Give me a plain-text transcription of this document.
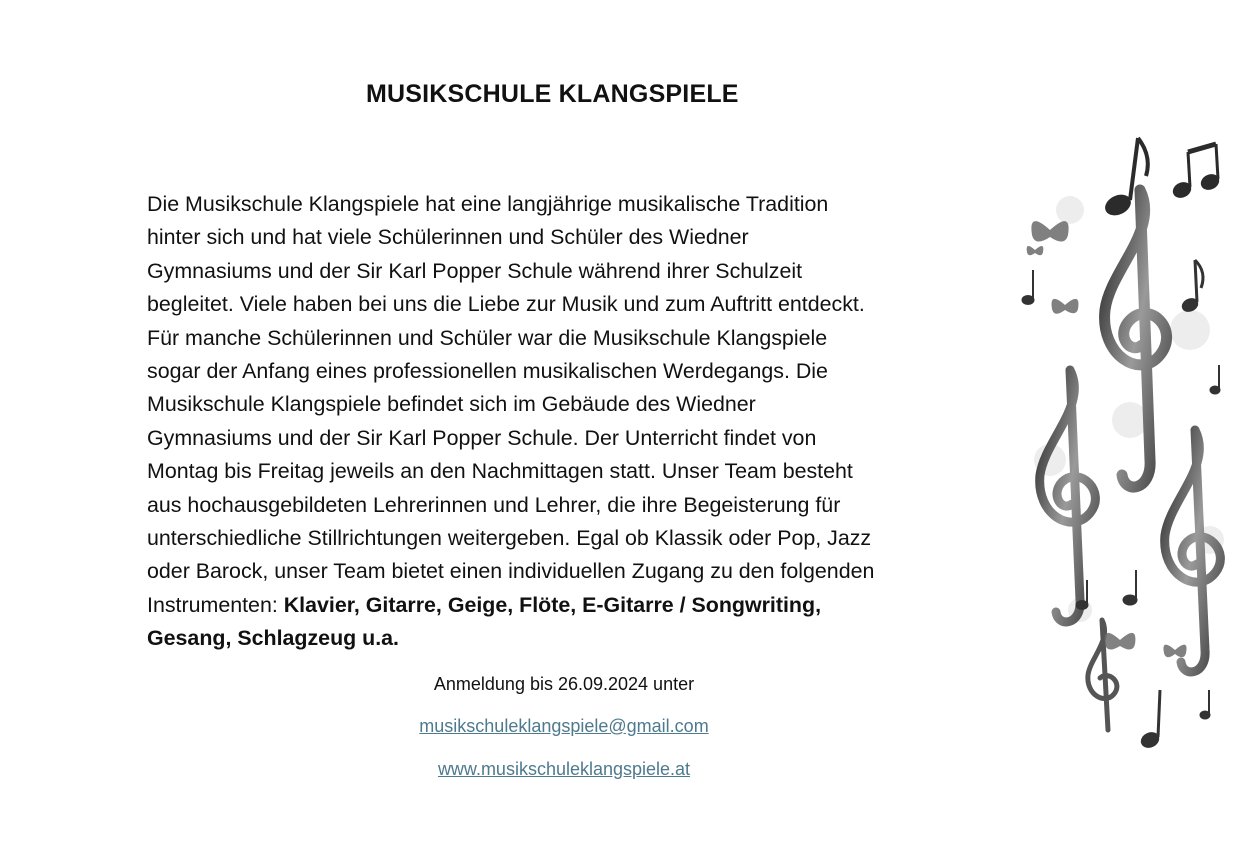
MUSIKSCHULE KLANGSPIELE

Die Musikschule Klangspiele hat eine langjährige musikalische Tradition
hinter sich und hat viele Schülerinnen und Schüler des Wiedner
Gymnasiums und der Sir Karl Popper Schule während ihrer Schulzeit
begleitet. Viele haben bei uns die Liebe zur Musik und zum Auftritt entdeckt.
Für manche Schülerinnen und Schüler war die Musikschule Klangspiele
sogar der Anfang eines professionellen musikalischen Werdegangs. Die
Musikschule Klangspiele befindet sich im Gebäude des Wiedner
Gymnasiums und der Sir Karl Popper Schule. Der Unterricht findet von
Montag bis Freitag jeweils an den Nachmittagen statt. Unser Team besteht
aus hochausgebildeten Lehrerinnen und Lehrer, die ihre Begeisterung für
unterschiedliche Stillrichtungen weitergeben. Egal ob Klassik oder Pop, Jazz
oder Barock, unser Team bietet einen individuellen Zugang zu den folgenden
Instrumenten: Klavier, Gitarre, Geige, Flöte, E-Gitarre / Songwriting,
Gesang, Schlagzeug u.a.

Anmeldung bis 26.09.2024 unter
musikschuleklangspiele@gmail.com
www.musikschuleklangspiele.at
